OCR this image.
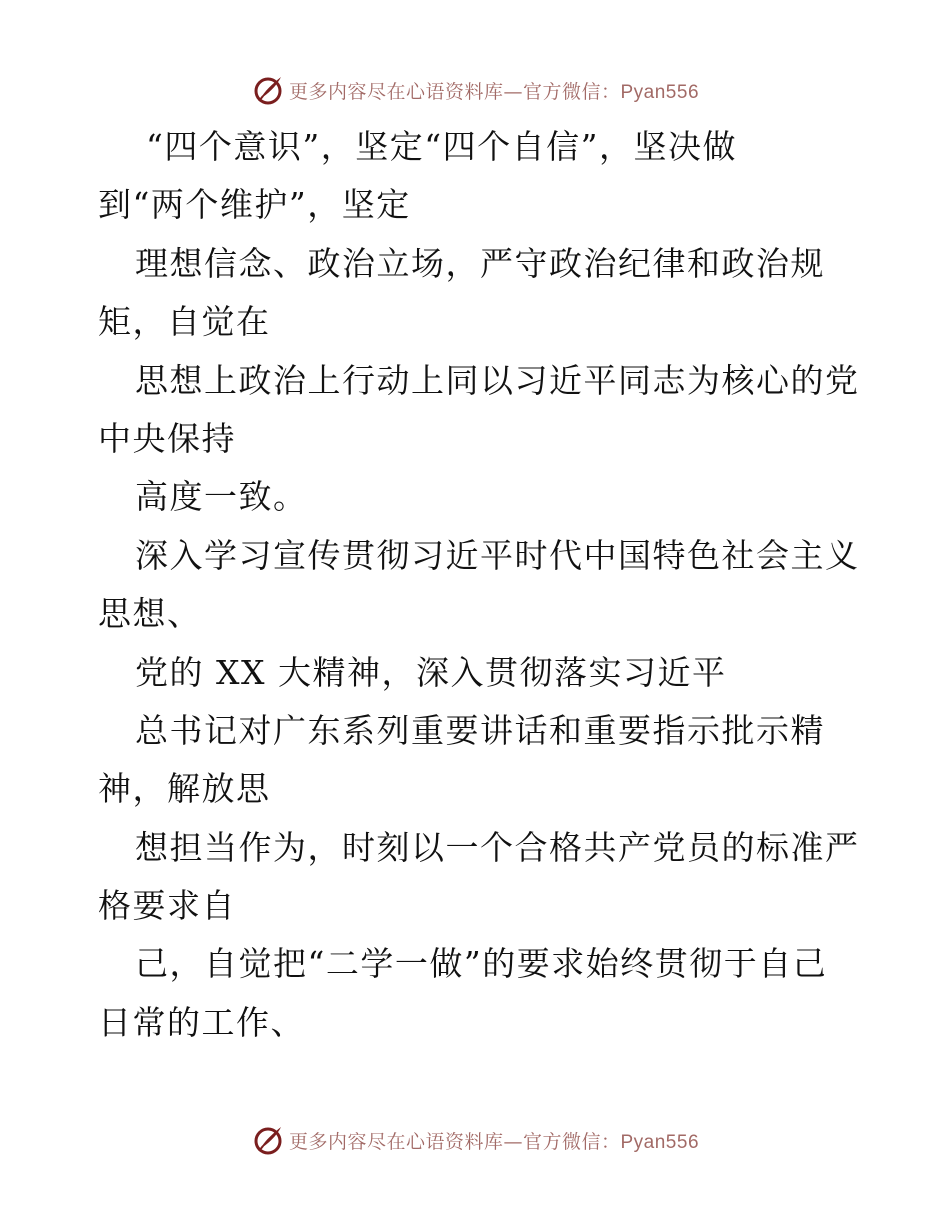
更多内容尽在心语资料库—官方微信：Pyan556
“四个意识”，坚定“四个自信”，坚决做
到“两个维护”，坚定
理想信念、政治立场，严守政治纪律和政治规
矩，自觉在
思想上政治上行动上同以习近平同志为核心的党
中央保持
高度一致。
深入学习宣传贯彻习近平时代中国特色社会主义
思想、
党的 XX 大精神，深入贯彻落实习近平
总书记对广东系列重要讲话和重要指示批示精
神，解放思
想担当作为，时刻以一个合格共产党员的标准严
格要求自
己，自觉把“二学一做”的要求始终贯彻于自己
日常的工作、
更多内容尽在心语资料库—官方微信：Pyan556
